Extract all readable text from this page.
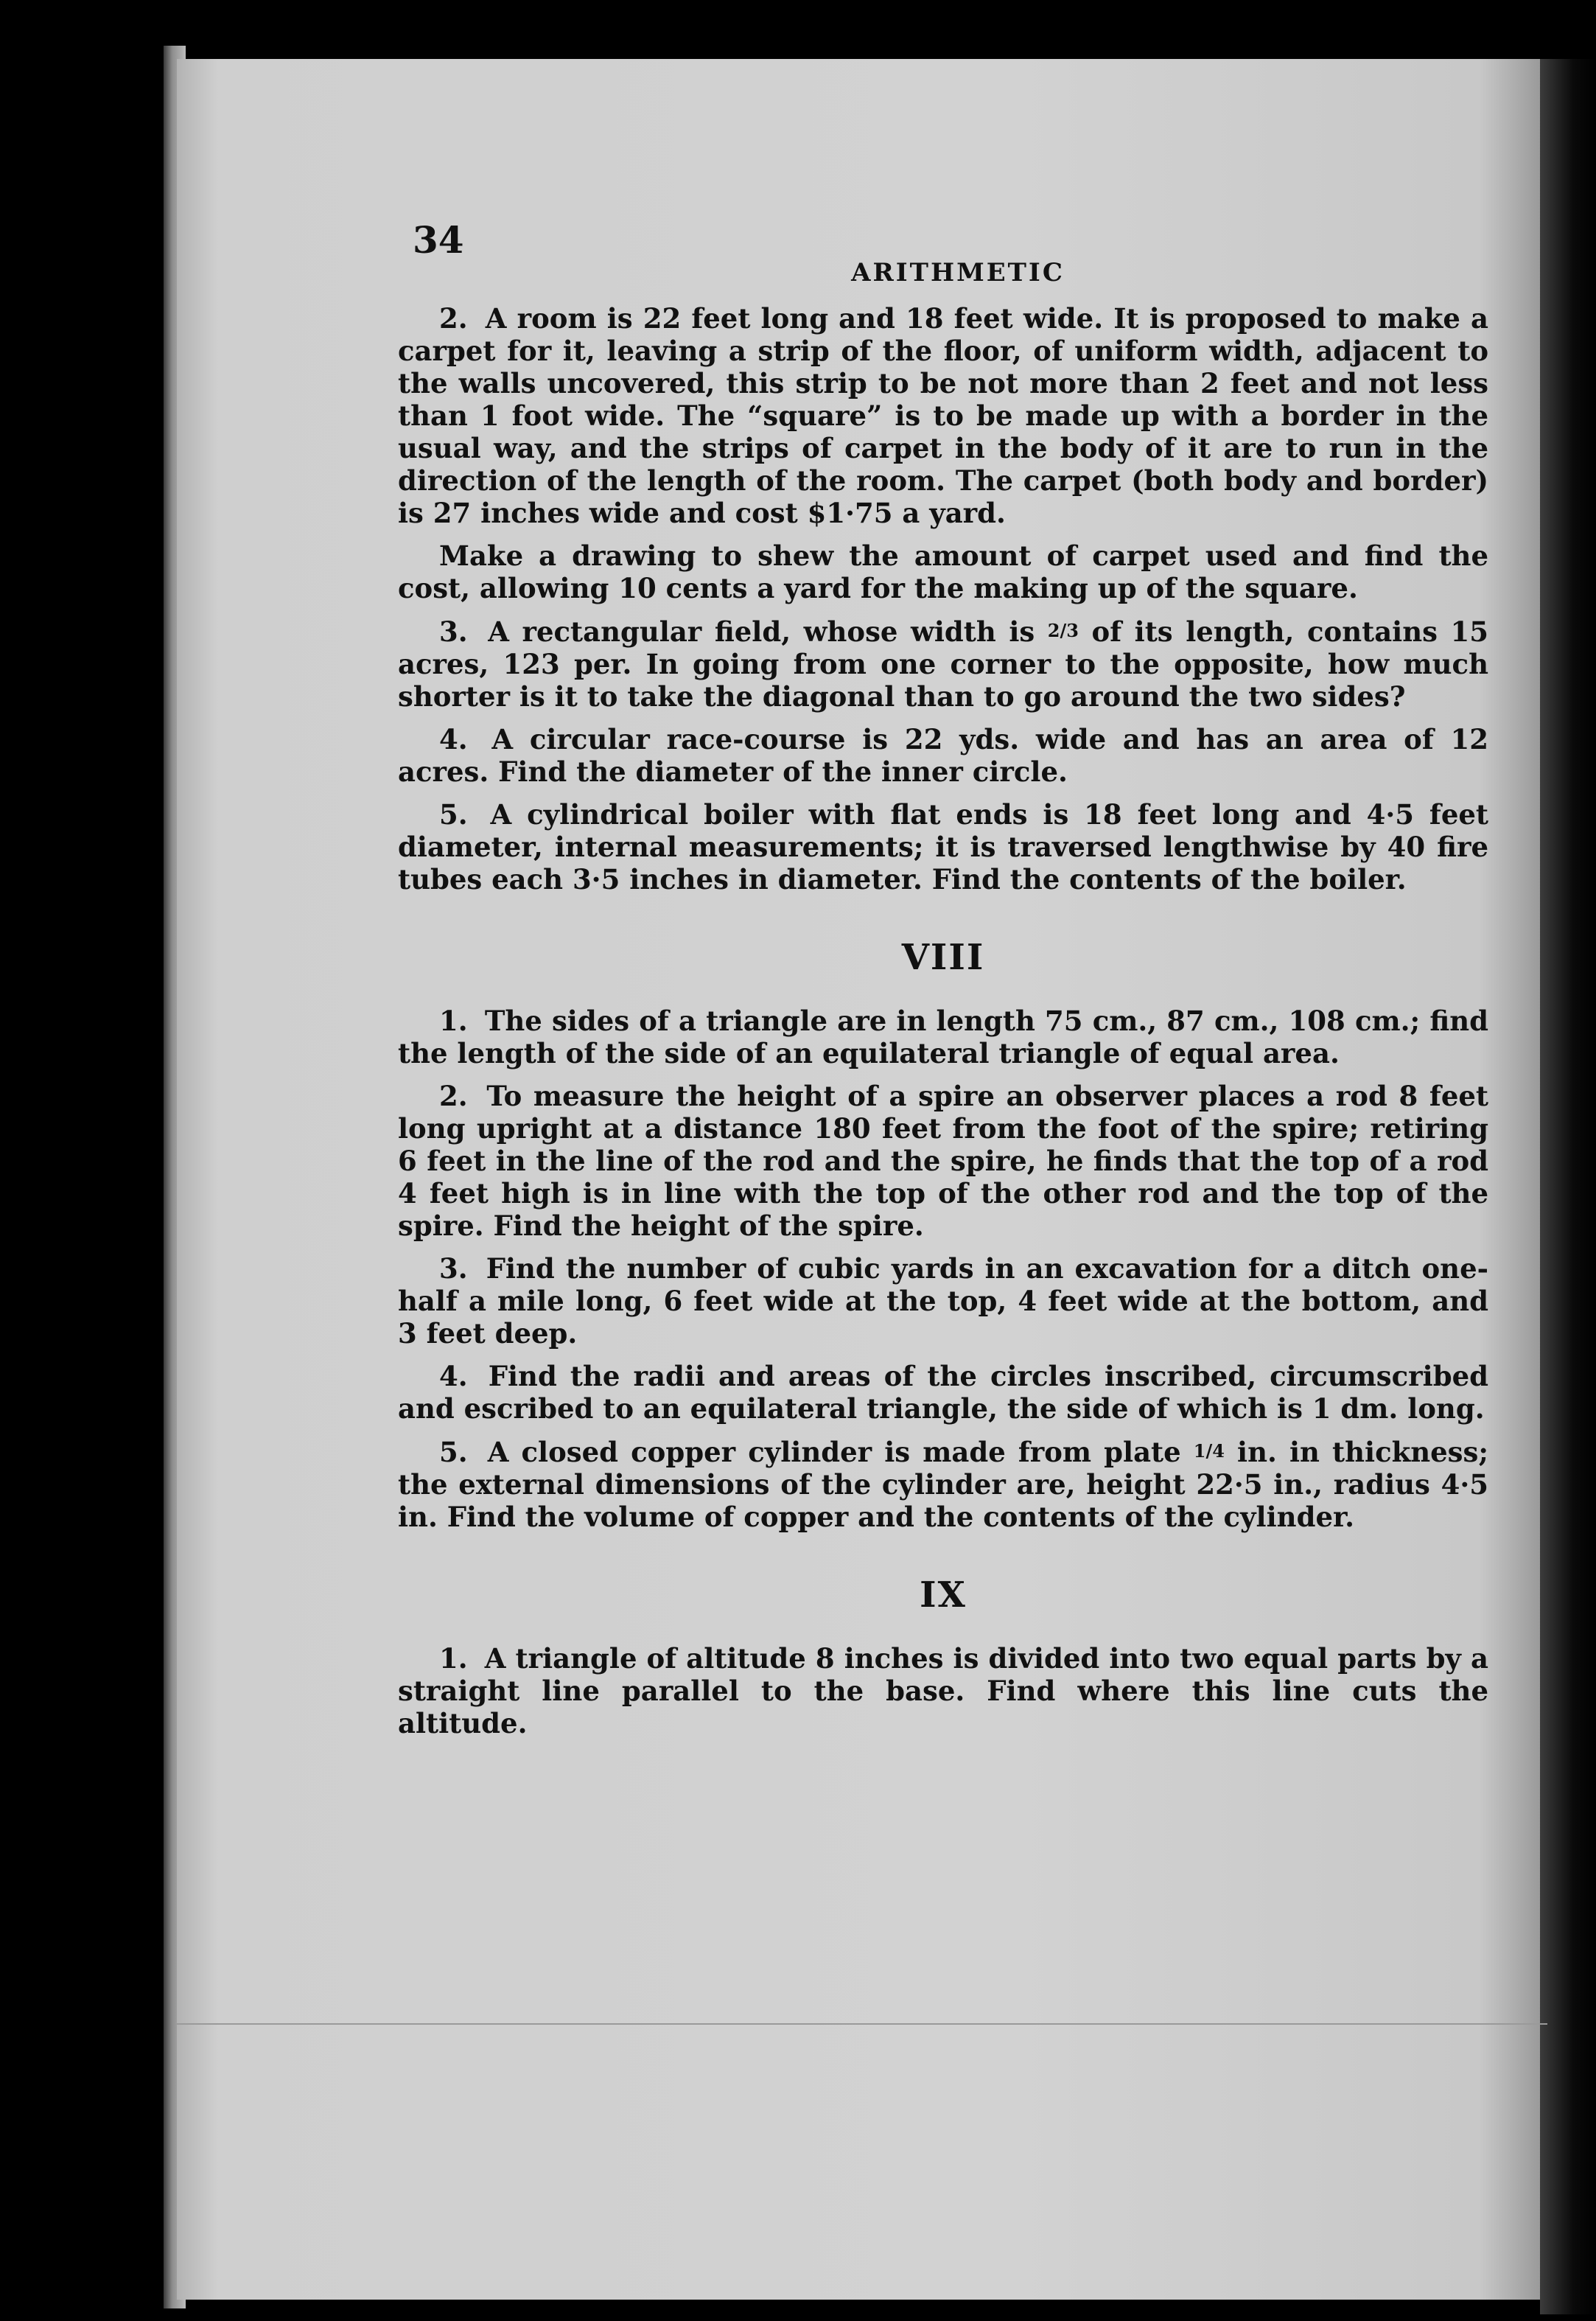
34
ARITHMETIC

2. A room is 22 feet long and 18 feet wide. It is proposed to make a carpet for it, leaving a strip of the floor, of uniform width, adjacent to the walls uncovered, this strip to be not more than 2 feet and not less than 1 foot wide. The “square” is to be made up with a border in the usual way, and the strips of carpet in the body of it are to run in the direction of the length of the room. The carpet (both body and border) is 27 inches wide and cost $1·75 a yard.

Make a drawing to shew the amount of carpet used and find the cost, allowing 10 cents a yard for the making up of the square.

3. A rectangular field, whose width is 2/3 of its length, contains 15 acres, 123 per. In going from one corner to the opposite, how much shorter is it to take the diagonal than to go around the two sides?

4. A circular race-course is 22 yds. wide and has an area of 12 acres. Find the diameter of the inner circle.

5. A cylindrical boiler with flat ends is 18 feet long and 4·5 feet diameter, internal measurements; it is traversed lengthwise by 40 fire tubes each 3·5 inches in diameter. Find the contents of the boiler.

VIII

1. The sides of a triangle are in length 75 cm., 87 cm., 108 cm.; find the length of the side of an equilateral triangle of equal area.

2. To measure the height of a spire an observer places a rod 8 feet long upright at a distance 180 feet from the foot of the spire; retiring 6 feet in the line of the rod and the spire, he finds that the top of a rod 4 feet high is in line with the top of the other rod and the top of the spire. Find the height of the spire.

3. Find the number of cubic yards in an excavation for a ditch one-half a mile long, 6 feet wide at the top, 4 feet wide at the bottom, and 3 feet deep.

4. Find the radii and areas of the circles inscribed, circumscribed and escribed to an equilateral triangle, the side of which is 1 dm. long.

5. A closed copper cylinder is made from plate 1/4 in. in thickness; the external dimensions of the cylinder are, height 22·5 in., radius 4·5 in. Find the volume of copper and the contents of the cylinder.

IX

1. A triangle of altitude 8 inches is divided into two equal parts by a straight line parallel to the base. Find where this line cuts the altitude.
